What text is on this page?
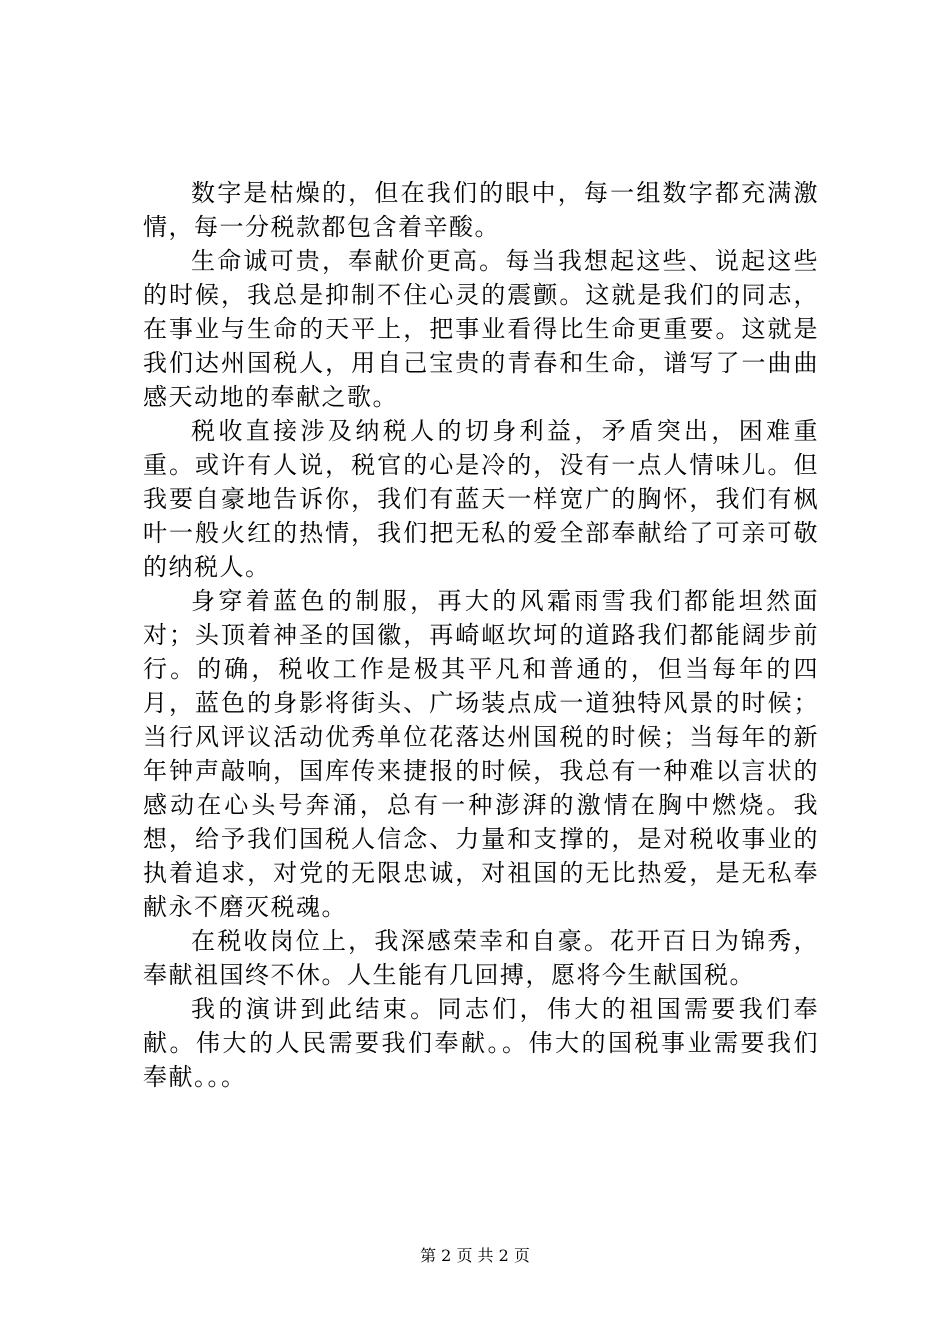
数字是枯燥的，但在我们的眼中，每一组数字都充满激情，每一分税款都包含着辛酸。

生命诚可贵，奉献价更高。每当我想起这些、说起这些的时候，我总是抑制不住心灵的震颤。这就是我们的同志，在事业与生命的天平上，把事业看得比生命更重要。这就是我们达州国税人，用自己宝贵的青春和生命，谱写了一曲曲感天动地的奉献之歌。

税收直接涉及纳税人的切身利益，矛盾突出，困难重重。或许有人说，税官的心是冷的，没有一点人情味儿。但我要自豪地告诉你，我们有蓝天一样宽广的胸怀，我们有枫叶一般火红的热情，我们把无私的爱全部奉献给了可亲可敬的纳税人。

身穿着蓝色的制服，再大的风霜雨雪我们都能坦然面对；头顶着神圣的国徽，再崎岖坎坷的道路我们都能阔步前行。的确，税收工作是极其平凡和普通的，但当每年的四月，蓝色的身影将街头、广场装点成一道独特风景的时候；当行风评议活动优秀单位花落达州国税的时候；当每年的新年钟声敲响，国库传来捷报的时候，我总有一种难以言状的感动在心头号奔涌，总有一种澎湃的激情在胸中燃烧。我想，给予我们国税人信念、力量和支撑的，是对税收事业的执着追求，对党的无限忠诚，对祖国的无比热爱，是无私奉献永不磨灭税魂。

在税收岗位上，我深感荣幸和自豪。花开百日为锦秀，奉献祖国终不休。人生能有几回搏，愿将今生献国税。

我的演讲到此结束。同志们，伟大的祖国需要我们奉献。伟大的人民需要我们奉献。。伟大的国税事业需要我们奉献。。。

第 2 页 共 2 页
